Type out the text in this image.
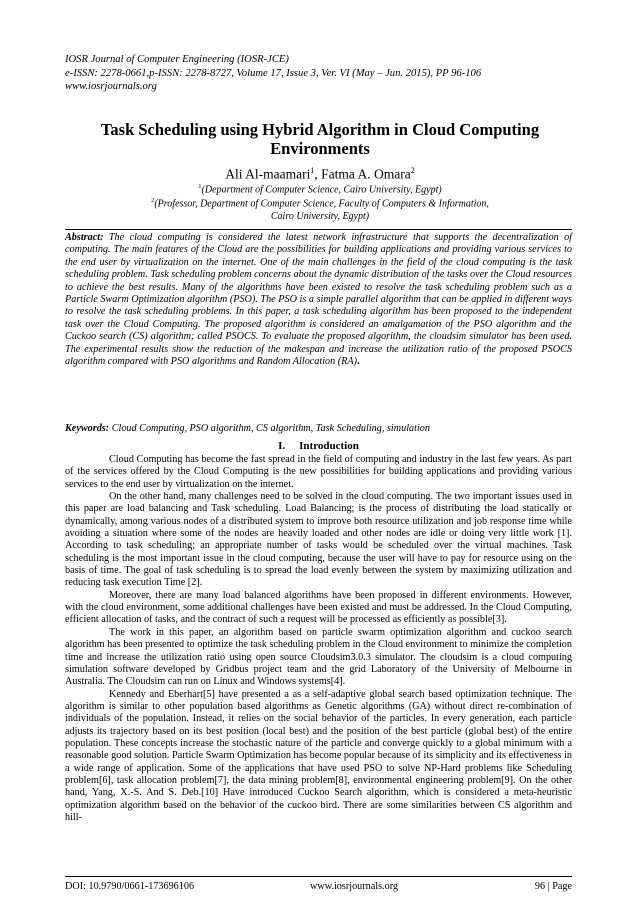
IOSR Journal of Computer Engineering (IOSR-JCE)
e-ISSN: 2278-0661,p-ISSN: 2278-8727, Volume 17, Issue 3, Ver. VI (May – Jun. 2015), PP 96-106
www.iosrjournals.org
Task Scheduling using Hybrid Algorithm in Cloud Computing
Environments
Ali Al-maamari$^1$, Fatma A. Omara$^2$
$^1$(Department of Computer Science, Cairo University, Egypt)
$^2$(Professor, Department of Computer Science, Faculty of Computers & Information,
Cairo University, Egypt)
Abstract: The cloud computing is considered the latest network infrastructure that supports the decentralization of computing. The main features of the Cloud are the possibilities for building applications and providing various services to the end user by virtualization on the internet. One of the main challenges in the field of the cloud computing is the task scheduling problem. Task scheduling problem concerns about the dynamic distribution of the tasks over the Cloud resources to achieve the best results. Many of the algorithms have been existed to resolve the task scheduling problem such as a Particle Swarm Optimization algorithm (PSO). The PSO is a simple parallel algorithm that can be applied in different ways to resolve the task scheduling problems. In this paper, a task scheduling algorithm has been proposed to the independent task over the Cloud Computing. The proposed algorithm is considered an amalgamation of the PSO algorithm and the Cuckoo search (CS) algorithm; called PSOCS. To evaluate the proposed algorithm, the cloudsim simulator has been used. The experimental results show the reduction of the makespan and increase the utilization ratio of the proposed PSOCS algorithm compared with PSO algorithms and Random Allocation (RA).
Keywords: Cloud Computing, PSO algorithm, CS algorithm, Task Scheduling, simulation
I. Introduction

Cloud Computing has become the fast spread in the field of computing and industry in the last few years. As part of the services offered by the Cloud Computing is the new possibilities for building applications and providing various services to the end user by virtualization on the internet.

On the other hand, many challenges need to be solved in the cloud computing. The two important issues used in this paper are load balancing and Task scheduling. Load Balancing; is the process of distributing the load statically or dynamically, among various nodes of a distributed system to improve both resource utilization and job response time while avoiding a situation where some of the nodes are heavily loaded and other nodes are idle or doing very little work [1]. According to task scheduling; an appropriate number of tasks would be scheduled over the virtual machines. Task scheduling is the most important issue in the cloud computing, because the user will have to pay for resource using on the basis of time. The goal of task scheduling is to spread the load evenly between the system by maximizing utilization and reducing task execution Time [2].

Moreover, there are many load balanced algorithms have been proposed in different environments. However, with the cloud environment, some additional challenges have been existed and must be addressed. In the Cloud Computing, efficient allocation of tasks, and the contract of such a request will be processed as efficiently as possible[3].

The work in this paper, an algorithm based on particle swarm optimization algorithm and cuckoo search algorithm has been presented to optimize the task scheduling problem in the Cloud environment to minimize the completion time and increase the utilization ratio using open source Cloudsim3.0.3 simulator. The cloudsim is a cloud computing simulation software developed by Gridbus project team and the grid Laboratory of the University of Melbourne in Australia. The Cloudsim can run on Linux and Windows systems[4].

Kennedy and Eberhart[5] have presented a as a self-adaptive global search based optimization technique. The algorithm is similar to other population based algorithms as Genetic algorithms (GA) without direct re-combination of individuals of the population. Instead, it relies on the social behavior of the particles. In every generation, each particle adjusts its trajectory based on its best position (local best) and the position of the best particle (global best) of the entire population. These concepts increase the stochastic nature of the particle and converge quickly to a global minimum with a reasonable good solution. Particle Swarm Optimization has become popular because of its simplicity and its effectiveness in a wide range of application. Some of the applications that have used PSO to solve NP-Hard problems like Scheduling problem[6], task allocation problem[7], the data mining problem[8], environmental engineering problem[9]. On the other hand, Yang, X.-S. And S. Deb.[10] Have introduced Cuckoo Search algorithm, which is considered a meta-heuristic optimization algorithm based on the behavior of the cuckoo bird. There are some similarities between CS algorithm and hill-

DOI: 10.9790/0661-173696106	www.iosrjournals.org	96 | Page
